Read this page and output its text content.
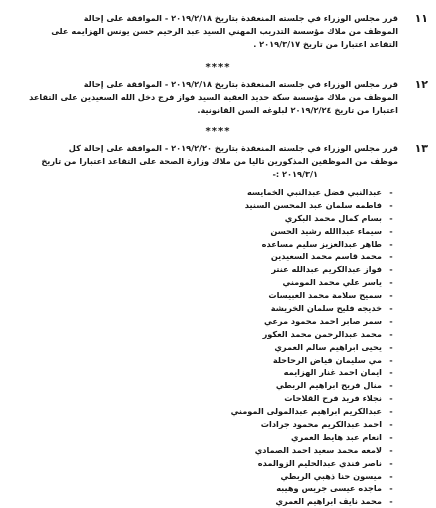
١١
قرر مجلس الوزراء في جلسته المنعقدة بتاريخ ٢٠١٩/٢/١٨ - الموافقة على إحالة
الموظف من ملاك مؤسسة التدريب المهني السيد عبد الرحيم حسن يونس الهزايمه على
التقاعد اعتبارا من تاريخ ٢٠١٩/٣/١٧ .
****
١٢
قرر مجلس الوزراء في جلسته المنعقدة بتاريخ ٢٠١٩/٢/١٨ - الموافقة على إحالة
الموظف من ملاك مؤسسة سكة حديد العقبة السيد فواز فرج دخل الله السعيدين على التقاعد
اعتبارا من تاريخ ٢٠١٩/٢/٢٤ لبلوغه السن القانونية.
****
١٣
قرر مجلس الوزراء في جلسته المنعقدة بتاريخ ٢٠١٩/٢/٢٠ - الموافقة على إحالة كل
موظف من الموظفين المذكورين تاليا من ملاك وزارة الصحة على التقاعد اعتبارا من تاريخ
٢٠١٩/٣/١ :-
-
عبدالنبي فضل عبدالنبي الخمايسه
-
فاطمه سلمان عبد المحسن السنيد
-
بسام كمال محمد البكري
-
سيماء عبداالله رشيد الحسن
-
طاهر عبدالعزيز سليم مساعده
-
محمد قاسم محمد السعيدين
-
فواز عبدالكريم عبدالله عنتر
-
ياسر علي محمد المومني
-
سميح سلامة محمد العبيسات
-
خديجه فليح سلمان الخريشة
-
سمر صابر احمد محمود مرعي
-
محمد عبدالرحمن محمد العكور
-
يحيى ابراهيم سالم العمري
-
مي سليمان فياض الرحاحلة
-
ايمان احمد غنار الهزايمه
-
منال فريح ابراهيم الربطي
-
نجلاء فريد فرح القلاحات
-
عبدالكريم ابراهيم عبدالمولى المومني
-
احمد عبدالكريم محمود جرادات
-
انعام عبد هايط العمري
-
لامعه محمد سعيد احمد الصمادي
-
ناصر فندي عبدالحليم الزوالمده
-
ميسون حنا ذهبي الربطي
-
ماجده عيسى جريس وهيبه
-
محمد نايف ابراهيم العمري
